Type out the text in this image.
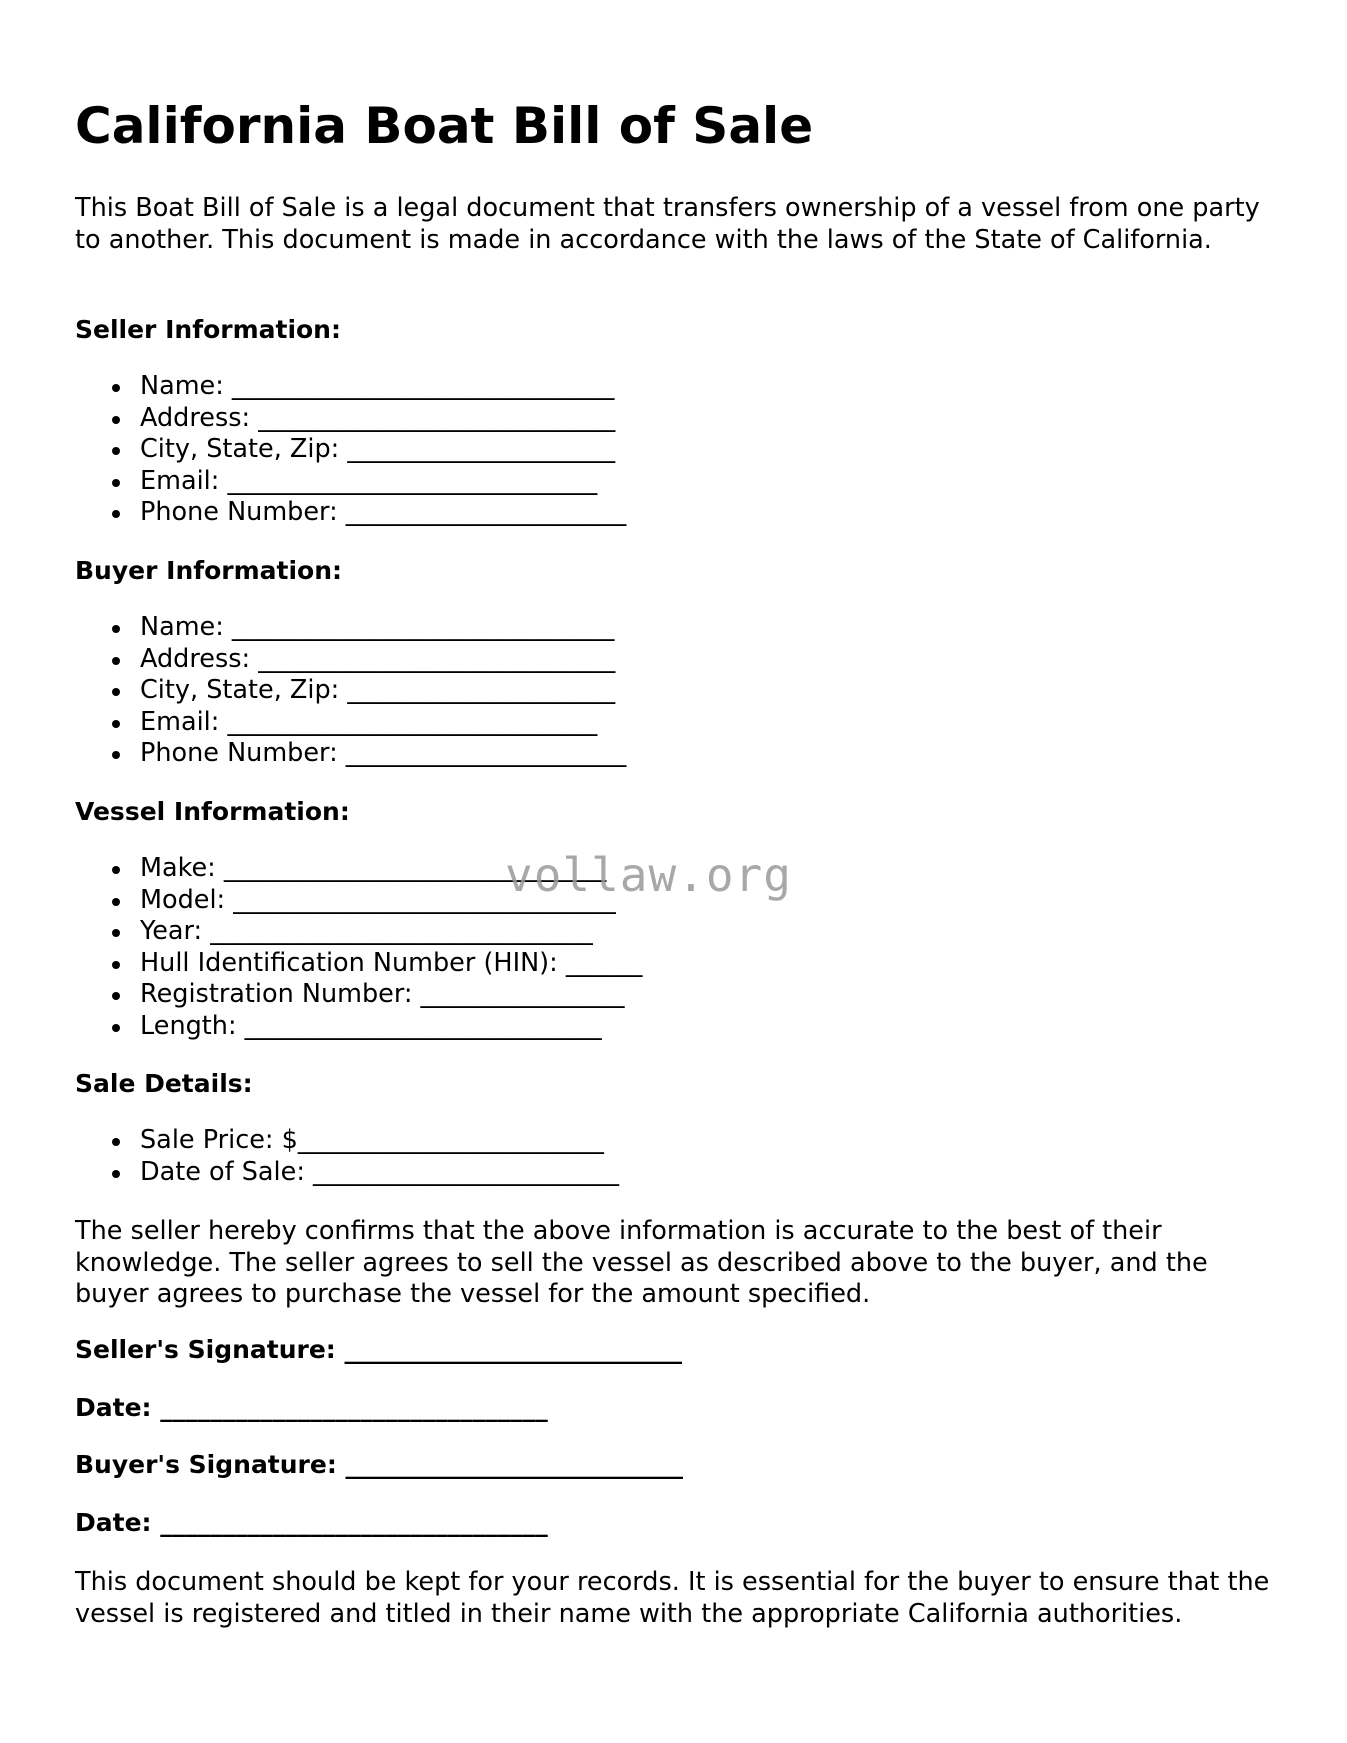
California Boat Bill of Sale

This Boat Bill of Sale is a legal document that transfers ownership of a vessel from one party to another. This document is made in accordance with the laws of the State of California.

Seller Information:

Name: ______________________________
Address: ____________________________
City, State, Zip: _____________________
Email: _____________________________
Phone Number: ______________________

Buyer Information:

Name: ______________________________
Address: ____________________________
City, State, Zip: _____________________
Email: _____________________________
Phone Number: ______________________

Vessel Information:

Make: ______________________________
Model: ______________________________
Year: ______________________________
Hull Identification Number (HIN): ______
Registration Number: ________________
Length: ____________________________

Sale Details:

Sale Price: $________________________
Date of Sale: ________________________

The seller hereby confirms that the above information is accurate to the best of their knowledge. The seller agrees to sell the vessel as described above to the buyer, and the buyer agrees to purchase the vessel for the amount specified.

Seller's Signature: ___________________________

Date: _______________________________

Buyer's Signature: ___________________________

Date: _______________________________

This document should be kept for your records. It is essential for the buyer to ensure that the vessel is registered and titled in their name with the appropriate California authorities.

vollaw.org
